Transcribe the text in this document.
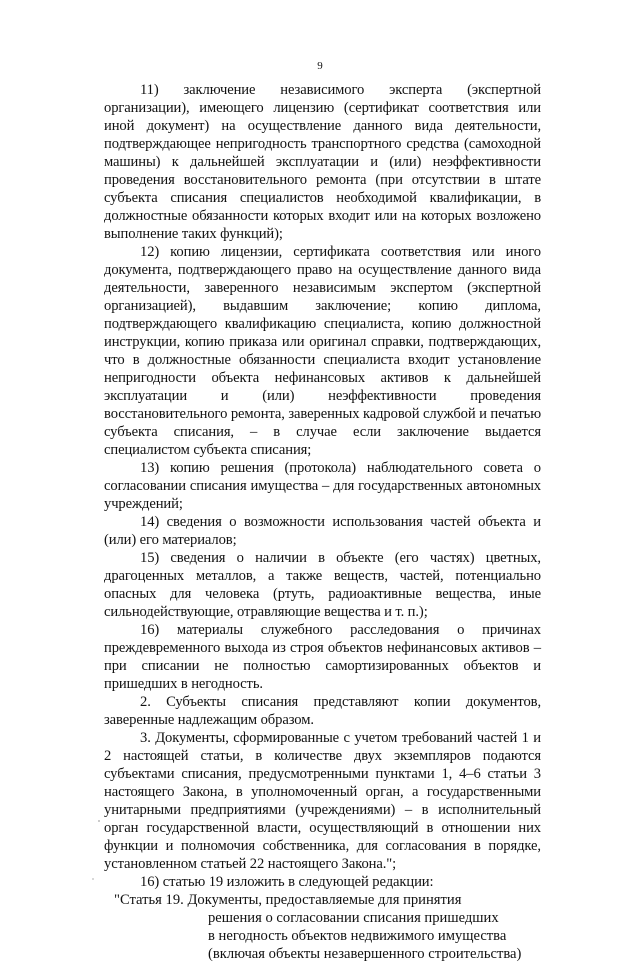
9

11) заключение независимого эксперта (экспертной организации), имеющего лицензию (сертификат соответствия или иной документ) на осуществление данного вида деятельности, подтверждающее непригодность транспортного средства (самоходной машины) к дальнейшей эксплуатации и (или) неэффективности проведения восстановительного ремонта (при отсутствии в штате субъекта списания специалистов необходимой квалификации, в должностные обязанности которых входит или на которых возложено выполнение таких функций);

12) копию лицензии, сертификата соответствия или иного документа, подтверждающего право на осуществление данного вида деятельности, заверенного независимым экспертом (экспертной организацией), выдавшим заключение; копию диплома, подтверждающего квалификацию специалиста, копию должностной инструкции, копию приказа или оригинал справки, подтверждающих, что в должностные обязанности специалиста входит установление непригодности объекта нефинансовых активов к дальнейшей эксплуатации и (или) неэффективности проведения восстановительного ремонта, заверенных кадровой службой и печатью субъекта списания, – в случае если заключение выдается специалистом субъекта списания;

13) копию решения (протокола) наблюдательного совета о согласовании списания имущества – для государственных автономных учреждений;

14) сведения о возможности использования частей объекта и (или) его материалов;

15) сведения о наличии в объекте (его частях) цветных, драгоценных металлов, а также веществ, частей, потенциально опасных для человека (ртуть, радиоактивные вещества, иные сильнодействующие, отравляющие вещества и т. п.);

16) материалы служебного расследования о причинах преждевременного выхода из строя объектов нефинансовых активов – при списании не полностью самортизированных объектов и пришедших в негодность.

2. Субъекты списания представляют копии документов, заверенные надлежащим образом.

3. Документы, сформированные с учетом требований частей 1 и 2 настоящей статьи, в количестве двух экземпляров подаются субъектами списания, предусмотренными пунктами 1, 4–6 статьи 3 настоящего Закона, в уполномоченный орган, а государственными унитарными предприятиями (учреждениями) – в исполнительный орган государственной власти, осуществляющий в отношении них функции и полномочия собственника, для согласования в порядке, установленном статьей 22 настоящего Закона.";

16) статью 19 изложить в следующей редакции:

"Статья 19. Документы, предоставляемые для принятия
решения о согласовании списания пришедших
в негодность объектов недвижимого имущества
(включая объекты незавершенного строительства)
